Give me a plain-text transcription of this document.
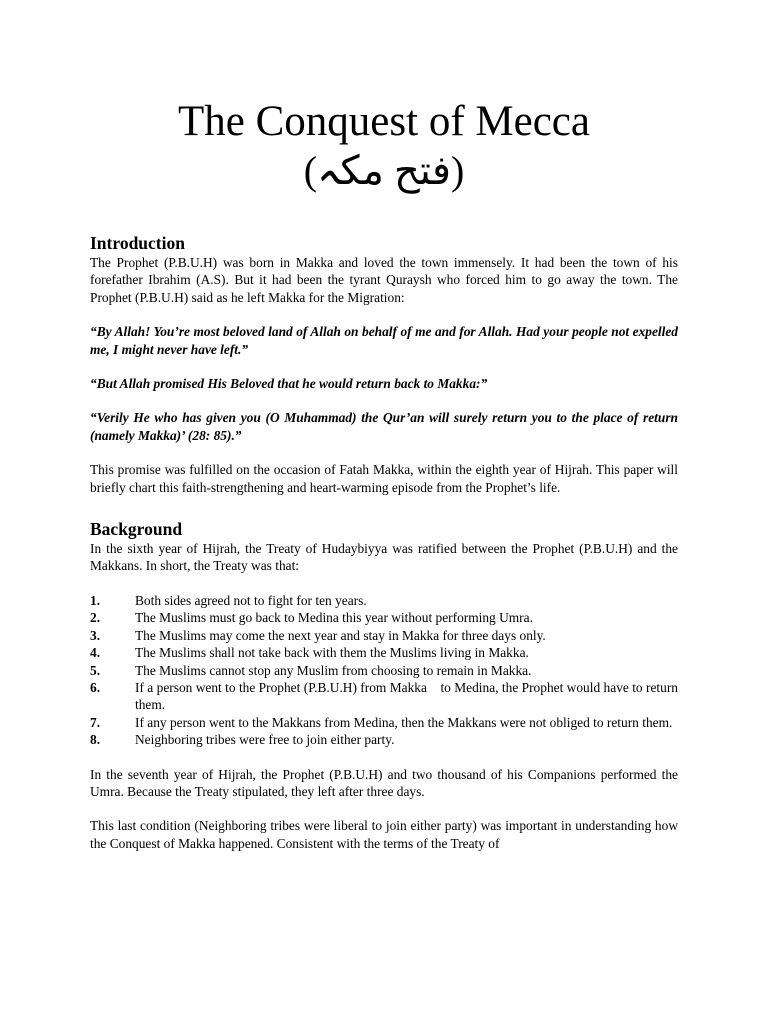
The Conquest of Mecca
(فتح مکہ)
Introduction

The Prophet (P.B.U.H) was born in Makka and loved the town immensely. It had been the town of his forefather Ibrahim (A.S). But it had been the tyrant Quraysh who forced him to go away the town. The Prophet (P.B.U.H) said as he left Makka for the Migration:

“By Allah! You’re most beloved land of Allah on behalf of me and for Allah. Had your people not expelled me, I might never have left.”

“But Allah promised His Beloved that he would return back to Makka:”

“Verily He who has given you (O Muhammad) the Qur’an will surely return you to the place of return (namely Makka)’ (28: 85).”

This promise was fulfilled on the occasion of Fatah Makka, within the eighth year of Hijrah. This paper will briefly chart this faith-strengthening and heart-warming episode from the Prophet’s life.

Background

In the sixth year of Hijrah, the Treaty of Hudaybiyya was ratified between the Prophet (P.B.U.H) and the Makkans. In short, the Treaty was that:

1.	Both sides agreed not to fight for ten years.
2.	The Muslims must go back to Medina this year without performing Umra.
3.	The Muslims may come the next year and stay in Makka for three days only.
4.	The Muslims shall not take back with them the Muslims living in Makka.
5.	The Muslims cannot stop any Muslim from choosing to remain in Makka.
6.	If a person went to the Prophet (P.B.U.H) from Makka    to Medina, the Prophet would have to return them.
7.	If any person went to the Makkans from Medina, then the Makkans were not obliged to return them.
8.	Neighboring tribes were free to join either party.

In the seventh year of Hijrah, the Prophet (P.B.U.H) and two thousand of his Companions performed the Umra. Because the Treaty stipulated, they left after three days.

This last condition (Neighboring tribes were liberal to join either party) was important in understanding how the Conquest of Makka happened. Consistent with the terms of the Treaty of
